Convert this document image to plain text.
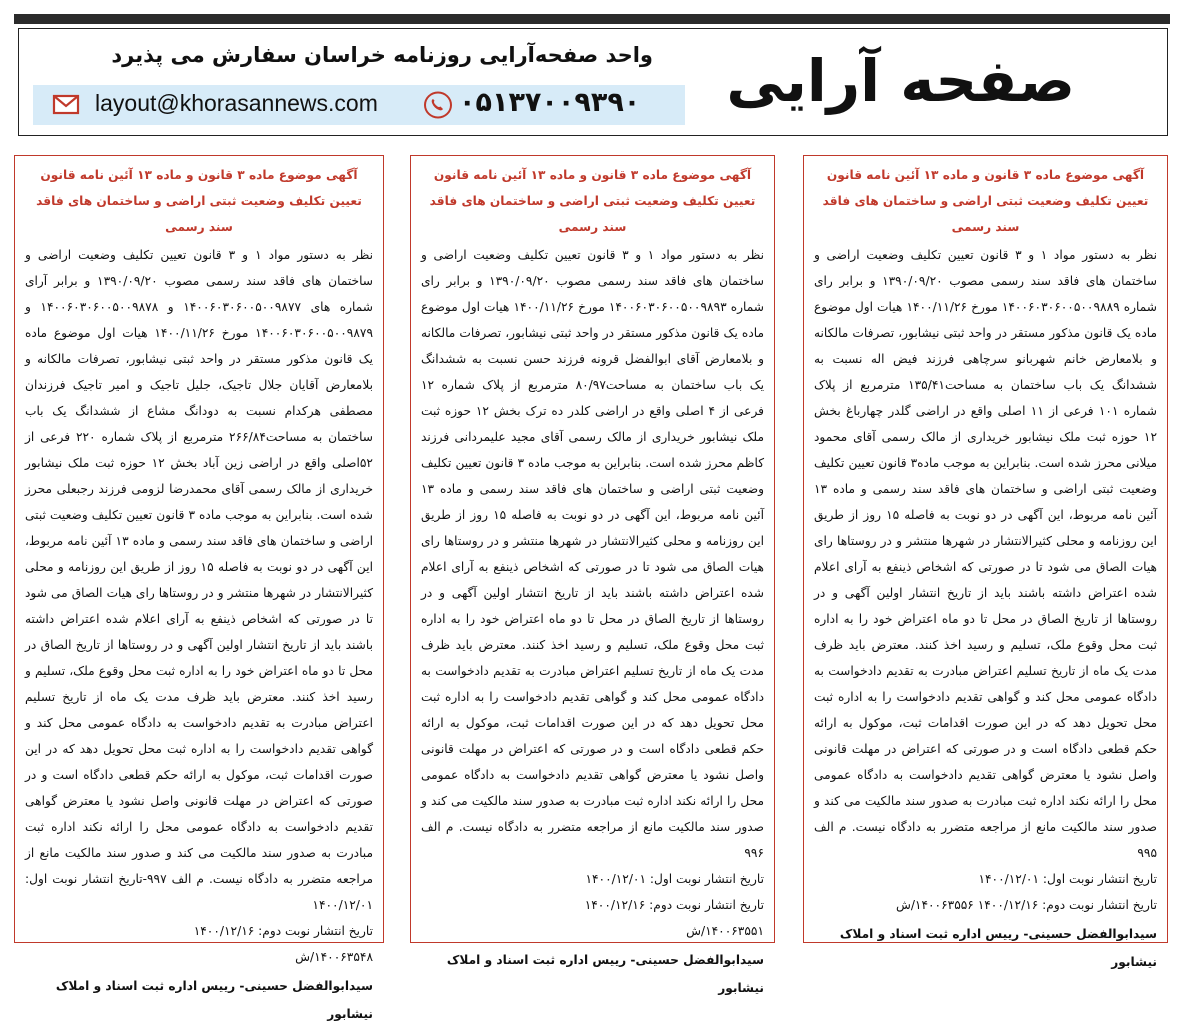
صفحه آرایی
واحد صفحه‌آرایی روزنامه خراسان سفارش می پذیرد
layout@khorasannews.com	۰۵۱۳۷۰۰۹۳۹۰
آگهی موضوع ماده ۳ قانون و ماده ۱۳ آئین نامه قانون تعیین تکلیف وضعیت ثبتی اراضی و ساختمان های فاقد سند رسمی
نظر به دستور مواد ۱ و ۳ قانون تعیین تکلیف وضعیت اراضی و ساختمان های فاقد سند رسمی مصوب ۱۳۹۰/۰۹/۲۰ و برابر رای شماره ۱۴۰۰۶۰۳۰۶۰۰۵۰۰۹۸۸۹ مورخ ۱۴۰۰/۱۱/۲۶ هیات اول موضوع ماده یک قانون مذکور مستقر در واحد ثبتی نیشابور، تصرفات مالکانه و بلامعارض خانم شهربانو سرچاهی فرزند فیض اله نسبت به ششدانگ یک باب ساختمان به مساحت۱۳۵/۴۱ مترمربع از پلاک شماره ۱۰۱ فرعی از ۱۱ اصلی واقع در اراضی گلدر چهارباغ بخش ۱۲ حوزه ثبت ملک نیشابور خریداری از مالک رسمی آقای محمود میلانی محرز شده است. بنابراین به موجب ماده۳ قانون تعیین تکلیف وضعیت ثبتی اراضی و ساختمان های فاقد سند رسمی و ماده ۱۳ آئین نامه مربوط، این آگهی در دو نوبت به فاصله ۱۵ روز از طریق این روزنامه و محلی کثیرالانتشار در شهرها منتشر و در روستاها رای هیات الصاق می شود تا در صورتی که اشخاص ذینفع به آرای اعلام شده اعتراض داشته باشند باید از تاریخ انتشار اولین آگهی و در روستاها از تاریخ الصاق در محل تا دو ماه اعتراض خود را به اداره ثبت محل وقوع ملک، تسلیم و رسید اخذ کنند. معترض باید ظرف مدت یک ماه از تاریخ تسلیم اعتراض مبادرت به تقدیم دادخواست به دادگاه عمومی محل کند و گواهی تقدیم دادخواست را به اداره ثبت محل تحویل دهد که در این صورت اقدامات ثبت، موکول به ارائه حکم قطعی دادگاه است و در صورتی که اعتراض در مهلت قانونی واصل نشود یا معترض گواهی تقدیم دادخواست به دادگاه عمومی محل را ارائه نکند اداره ثبت مبادرت به صدور سند مالکیت می کند و صدور سند مالکیت مانع از مراجعه متضرر به دادگاه نیست. م الف ۹۹۵
تاریخ انتشار نوبت اول: ۱۴۰۰/۱۲/۰۱
تاریخ انتشار نوبت دوم: ۱۴۰۰/۱۲/۱۶ ۱۴۰۰۶۳۵۵۶/ش
سیدابوالفضل حسینی- رییس اداره ثبت اسناد و املاک نیشابور
آگهی موضوع ماده ۳ قانون و ماده ۱۳ آئین نامه قانون تعیین تکلیف وضعیت ثبتی اراضی و ساختمان های فاقد سند رسمی
نظر به دستور مواد ۱ و ۳ قانون تعیین تکلیف وضعیت اراضی و ساختمان های فاقد سند رسمی مصوب ۱۳۹۰/۰۹/۲۰ و برابر رای شماره ۱۴۰۰۶۰۳۰۶۰۰۵۰۰۹۸۹۳ مورخ ۱۴۰۰/۱۱/۲۶ هیات اول موضوع ماده یک قانون مذکور مستقر در واحد ثبتی نیشابور، تصرفات مالکانه و بلامعارض آقای ابوالفضل قرونه فرزند حسن نسبت به ششدانگ یک باب ساختمان به مساحت۸۰/۹۷ مترمربع از پلاک شماره ۱۲ فرعی از ۴ اصلی واقع در اراضی کلدر ده ترک بخش ۱۲ حوزه ثبت ملک نیشابور خریداری از مالک رسمی آقای مجید علیمردانی فرزند کاظم محرز شده است. بنابراین به موجب ماده ۳ قانون تعیین تکلیف وضعیت ثبتی اراضی و ساختمان های فاقد سند رسمی و ماده ۱۳ آئین نامه مربوط، این آگهی در دو نوبت به فاصله ۱۵ روز از طریق این روزنامه و محلی کثیرالانتشار در شهرها منتشر و در روستاها رای هیات الصاق می شود تا در صورتی که اشخاص ذینفع به آرای اعلام شده اعتراض داشته باشند باید از تاریخ انتشار اولین آگهی و در روستاها از تاریخ الصاق در محل تا دو ماه اعتراض خود را به اداره ثبت محل وقوع ملک، تسلیم و رسید اخذ کنند. معترض باید ظرف مدت یک ماه از تاریخ تسلیم اعتراض مبادرت به تقدیم دادخواست به دادگاه عمومی محل کند و گواهی تقدیم دادخواست را به اداره ثبت محل تحویل دهد که در این صورت اقدامات ثبت، موکول به ارائه حکم قطعی دادگاه است و در صورتی که اعتراض در مهلت قانونی واصل نشود یا معترض گواهی تقدیم دادخواست به دادگاه عمومی محل را ارائه نکند اداره ثبت مبادرت به صدور سند مالکیت می کند و صدور سند مالکیت مانع از مراجعه متضرر به دادگاه نیست. م الف ۹۹۶
تاریخ انتشار نوبت اول: ۱۴۰۰/۱۲/۰۱
تاریخ انتشار نوبت دوم: ۱۴۰۰/۱۲/۱۶
۱۴۰۰۶۳۵۵۱/ش
سیدابوالفضل حسینی- رییس اداره ثبت اسناد و املاک نیشابور
آگهی موضوع ماده ۳ قانون و ماده ۱۳ آئین نامه قانون تعیین تکلیف وضعیت ثبتی اراضی و ساختمان های فاقد سند رسمی
نظر به دستور مواد ۱ و ۳ قانون تعیین تکلیف وضعیت اراضی و ساختمان های فاقد سند رسمی مصوب ۱۳۹۰/۰۹/۲۰ و برابر آرای شماره های ۱۴۰۰۶۰۳۰۶۰۰۵۰۰۹۸۷۷ و ۱۴۰۰۶۰۳۰۶۰۰۵۰۰۹۸۷۸ و ۱۴۰۰۶۰۳۰۶۰۰۵۰۰۹۸۷۹ مورخ ۱۴۰۰/۱۱/۲۶ هیات اول موضوع ماده یک قانون مذکور مستقر در واحد ثبتی نیشابور، تصرفات مالکانه و بلامعارض آقایان جلال تاجیک، جلیل تاجیک و امیر تاجیک فرزندان مصطفی هرکدام نسبت به دودانگ مشاع از ششدانگ یک باب ساختمان به مساحت۲۶۶/۸۴ مترمربع از پلاک شماره ۲۲۰ فرعی از ۵۲اصلی واقع در اراضی زین آباد بخش ۱۲ حوزه ثبت ملک نیشابور خریداری از مالک رسمی آقای محمدرضا لزومی فرزند رجبعلی محرز شده است. بنابراین به موجب ماده ۳ قانون تعیین تکلیف وضعیت ثبتی اراضی و ساختمان های فاقد سند رسمی و ماده ۱۳ آئین نامه مربوط، این آگهی در دو نوبت به فاصله ۱۵ روز از طریق این روزنامه و محلی کثیرالانتشار در شهرها منتشر و در روستاها رای هیات الصاق می شود تا در صورتی که اشخاص ذینفع به آرای اعلام شده اعتراض داشته باشند باید از تاریخ انتشار اولین آگهی و در روستاها از تاریخ الصاق در محل تا دو ماه اعتراض خود را به اداره ثبت محل وقوع ملک، تسلیم و رسید اخذ کنند. معترض باید ظرف مدت یک ماه از تاریخ تسلیم اعتراض مبادرت به تقدیم دادخواست به دادگاه عمومی محل کند و گواهی تقدیم دادخواست را به اداره ثبت محل تحویل دهد که در این صورت اقدامات ثبت، موکول به ارائه حکم قطعی دادگاه است و در صورتی که اعتراض در مهلت قانونی واصل نشود یا معترض گواهی تقدیم دادخواست به دادگاه عمومی محل را ارائه نکند اداره ثبت مبادرت به صدور سند مالکیت می کند و صدور سند مالکیت مانع از مراجعه متضرر به دادگاه نیست. م الف ۹۹۷-تاریخ انتشار نوبت اول: ۱۴۰۰/۱۲/۰۱
تاریخ انتشار نوبت دوم: ۱۴۰۰/۱۲/۱۶
۱۴۰۰۶۳۵۴۸/ش
سیدابوالفضل حسینی- رییس اداره ثبت اسناد و املاک نیشابور
